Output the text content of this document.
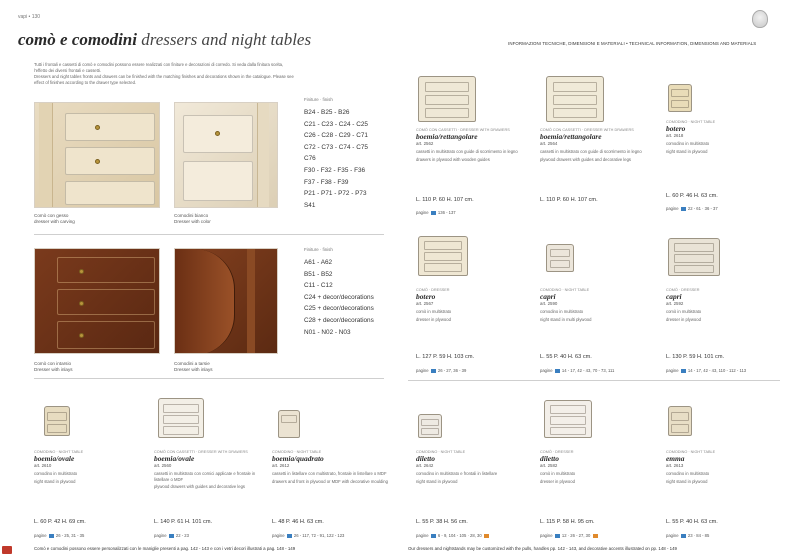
vapi • 130
comò e comodini dressers and night tables	INFORMAZIONI TECNICHE, DIMENSIONI E MATERIALI • TECHNICAL INFORMATION, DIMENSIONS AND MATERIALS
Tutti i frontali e cassetti di comò e comodini possono essere realizzati con finiture e decorazioni di corredo. Si veda dalla finitura scelta, l'effetto dei diversi frontali e cassetti.
Dressers and night tables fronts and drawers can be finished with the matching finishes and decorations shown in the catalogue. Please see effect of finishes according to the drawer type selected.
Comò con gesso
dresser with carving
Comodini bianco
Dresser with color
Finiture · finish
B24 - B25 - B26
C21 - C23 - C24 - C25
C26 - C28 - C29 - C71
C72 - C73 - C74 - C75
C76
F30 - F32 - F35 - F36
F37 - F38 - F39
P21 - P71 - P72 - P73
S41
Comò con intarsio
Dresser with inlays
Comodini a tarsie
Dresser with inlays
Finiture · finish
A61 - A62
B51 - B52
C11 - C12
C24 + decor/decorations
C25 + decor/decorations
C28 + decor/decorations
N01 - N02 - N03
COMÒ CON CASSETTI · DRESSER WITH DRAWERS
boemia/rettangolare
art. 2562
cassetti in multistrato con guide di scorrimento in legno
drawers in plywood with wooden guides
L. 110 P. 60 H. 107 cm.
pagine 136 - 137
COMÒ CON CASSETTI · DRESSER WITH DRAWERS
boemia/rettangolare
art. 2564
cassetti in multistrato con guide di scorrimento in legno
plywood drawers with guides and decorative legs
L. 110 P. 60 H. 107 cm.
COMODINO · NIGHT TABLE
botero
art. 2618
comodino in multistrato
night stand in plywood
L. 60 P. 46 H. 63 cm.
pagine 22 - 61 · 36 - 37
COMÒ · DRESSER
botero
art. 2567
comò in multistrato
dresser in plywood
L. 127 P. 59 H. 103 cm.
pagine 26 - 27, 36 - 39
COMODINO · NIGHT TABLE
capri
art. 2590
comodino in multistrato
night stand in multi plywood
L. 55 P. 40 H. 63 cm.
pagine 14 - 17, 42 - 43, 70 - 73, 111
COMÒ · DRESSER
capri
art. 2592
comò in multistrato
dresser in plywood
L. 130 P. 59 H. 101 cm.
pagine 14 - 17, 42 - 43, 110 - 112 - 113
COMODINO · NIGHT TABLE
boemia/ovale
art. 2610
comodino in multistrato
night stand in plywood
L. 60 P. 42 H. 69 cm.
pagine 26 - 25, 31 - 35
COMÒ CON CASSETTI · DRESSER WITH DRAWERS
boemia/ovale
art. 2560
cassetti in multistrato con cornici applicate e frontale in listellare o MDF
plywood drawers with guides and decorative legs
L. 140 P. 61 H. 101 cm.
pagine 22 - 23
COMODINO · NIGHT TABLE
boemia/quadrato
art. 2612
cassetti in listellare con multistrato, frontale in listellare o MDF
drawers and front in plywood or MDF with decorative moulding
L. 48 P. 46 H. 63 cm.
pagine 26 - 117, 72 - 91, 122 - 123
COMODINO · NIGHT TABLE
diletto
art. 2642
comodino in multistrato e frontali in listellare
night stand in plywood
L. 55 P. 38 H. 56 cm.
pagine 6 - 9, 104 - 105 · 28, 30
COMÒ · DRESSER
diletto
art. 2582
comò in multistrato
dresser in plywood
L. 115 P. 58 H. 95 cm.
pagine 12 · 26 - 27, 30
COMODINO · NIGHT TABLE
emma
art. 2613
comodino in multistrato
night stand in plywood
L. 55 P. 40 H. 63 cm.
pagine 23 · 84 - 85
Comò e comodini possono essere personalizzati con le maniglie presenti a pag. 142 - 143 e con i vetri decori illustrati a pag. 148 - 149	Our dressers and nightstands may be customized with the pulls, handles pp. 142 - 143, and decorative accents illustrated on pp. 148 - 149
